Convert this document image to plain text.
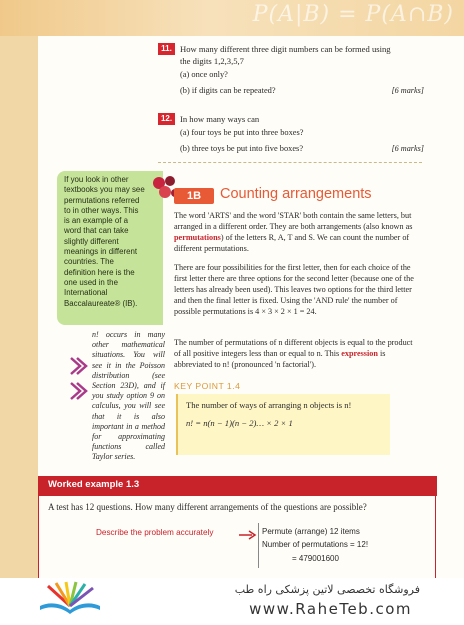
P(A|B) = P(A∩B)
11. How many different three digit numbers can be formed using
the digits 1,2,3,5,7
(a) once only?
(b) if digits can be repeated?	[6 marks]
12. In how many ways can
(a) four toys be put into three boxes?
(b) three toys be put into five boxes?	[6 marks]
If you look in other textbooks you may see permutations referred to in other ways. This is an example of a word that can take slightly different meanings in different countries. The definition here is the one used in the International Baccalaureate® (IB).
n! occurs in many other mathematical situations. You will see it in the Poisson distribution (see Section 23D), and if you study option 9 on calculus, you will see that it is also important in a method for approximating functions called Taylor series.
1B	Counting arrangements
The word 'ARTS' and the word 'STAR' both contain the same letters, but arranged in a different order. They are both arrangements (also known as permutations) of the letters R, A, T and S. We can count the number of different permutations.
There are four possibilities for the first letter, then for each choice of the first letter there are three options for the second letter (because one of the letters has already been used). This leaves two options for the third letter and then the final letter is fixed. Using the 'AND rule' the number of possible permutations is 4 × 3 × 2 × 1 = 24.
The number of permutations of n different objects is equal to the product of all positive integers less than or equal to n. This expression is abbreviated to n! (pronounced 'n factorial').
KEY POINT 1.4
The number of ways of arranging n objects is n!
n! = n(n − 1)(n − 2)… × 2 × 1
Worked example 1.3
A test has 12 questions. How many different arrangements of the questions are possible?
Describe the problem accurately	Permute (arrange) 12 items
Number of permutations = 12!
= 479001600
فروشگاه تخصصی لاتین پزشکی راه طب
www.RaheTeb.com
